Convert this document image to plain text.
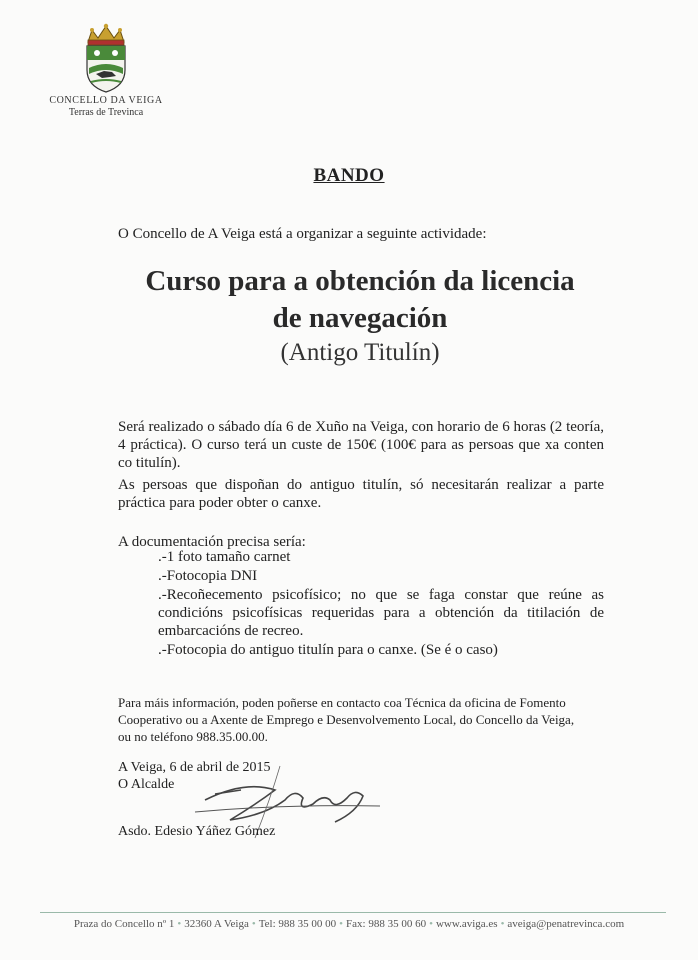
CONCELLO DA VEIGA
Terras de Trevinca
BANDO
O Concello de A Veiga está a organizar a seguinte actividade:
Curso para a obtención da licencia
de navegación
(Antigo Titulín)
Será realizado o sábado día 6 de Xuño na Veiga, con horario de 6 horas (2 teoría, 4 práctica). O curso terá un custe de 150€ (100€ para as persoas que xa conten co titulín).
As persoas que dispoñan do antiguo titulín, só necesitarán realizar a parte práctica para poder obter o canxe.
A documentación precisa sería:
.-1 foto tamaño carnet
.-Fotocopia DNI
.-Recoñecemento psicofísico; no que se faga constar que reúne as condicións psicofísicas requeridas para a obtención da titilación de embarcacións de recreo.
.-Fotocopia do antiguo titulín para o canxe. (Se é o caso)
Para máis información, poden poñerse en contacto coa Técnica da oficina de Fomento
Cooperativo ou a Axente de Emprego e Desenvolvemento Local, do Concello da Veiga,
ou no teléfono 988.35.00.00.
A Veiga, 6 de abril de 2015
O Alcalde
Asdo. Edesio Yáñez Gómez
Praza do Concello nº 1 • 32360 A Veiga • Tel: 988 35 00 00 • Fax: 988 35 00 60 • www.aviga.es • aveiga@penatrevinca.com
